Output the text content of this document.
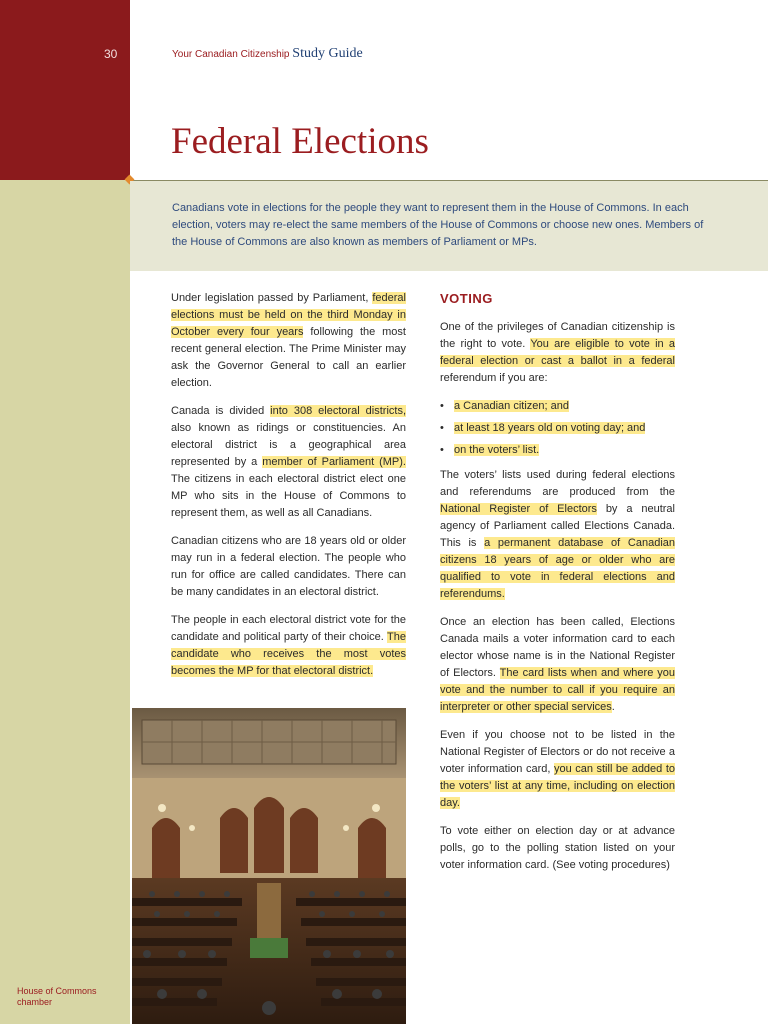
30	Your Canadian Citizenship Study Guide
Federal Elections

Canadians vote in elections for the people they want to represent them in the House of Commons. In each election, voters may re-elect the same members of the House of Commons or choose new ones. Members of the House of Commons are also known as members of Parliament or MPs.

Under legislation passed by Parliament, federal elections must be held on the third Monday in October every four years following the most recent general election. The Prime Minister may ask the Governor General to call an earlier election.

Canada is divided into 308 electoral districts, also known as ridings or constituencies. An electoral district is a geographical area represented by a member of Parliament (MP). The citizens in each electoral district elect one MP who sits in the House of Commons to represent them, as well as all Canadians.

Canadian citizens who are 18 years old or older may run in a federal election. The people who run for office are called candidates. There can be many candidates in an electoral district.

The people in each electoral district vote for the candidate and political party of their choice. The candidate who receives the most votes becomes the MP for that electoral district.

House of Commons chamber
VOTING

One of the privileges of Canadian citizenship is the right to vote. You are eligible to vote in a federal election or cast a ballot in a federal referendum if you are:

• a Canadian citizen; and
• at least 18 years old on voting day; and
• on the voters’ list.

The voters’ lists used during federal elections and referendums are produced from the National Register of Electors by a neutral agency of Parliament called Elections Canada. This is a permanent database of Canadian citizens 18 years of age or older who are qualified to vote in federal elections and referendums.

Once an election has been called, Elections Canada mails a voter information card to each elector whose name is in the National Register of Electors. The card lists when and where you vote and the number to call if you require an interpreter or other special services.

Even if you choose not to be listed in the National Register of Electors or do not receive a voter information card, you can still be added to the voters’ list at any time, including on election day.

To vote either on election day or at advance polls, go to the polling station listed on your voter information card. (See voting procedures)
